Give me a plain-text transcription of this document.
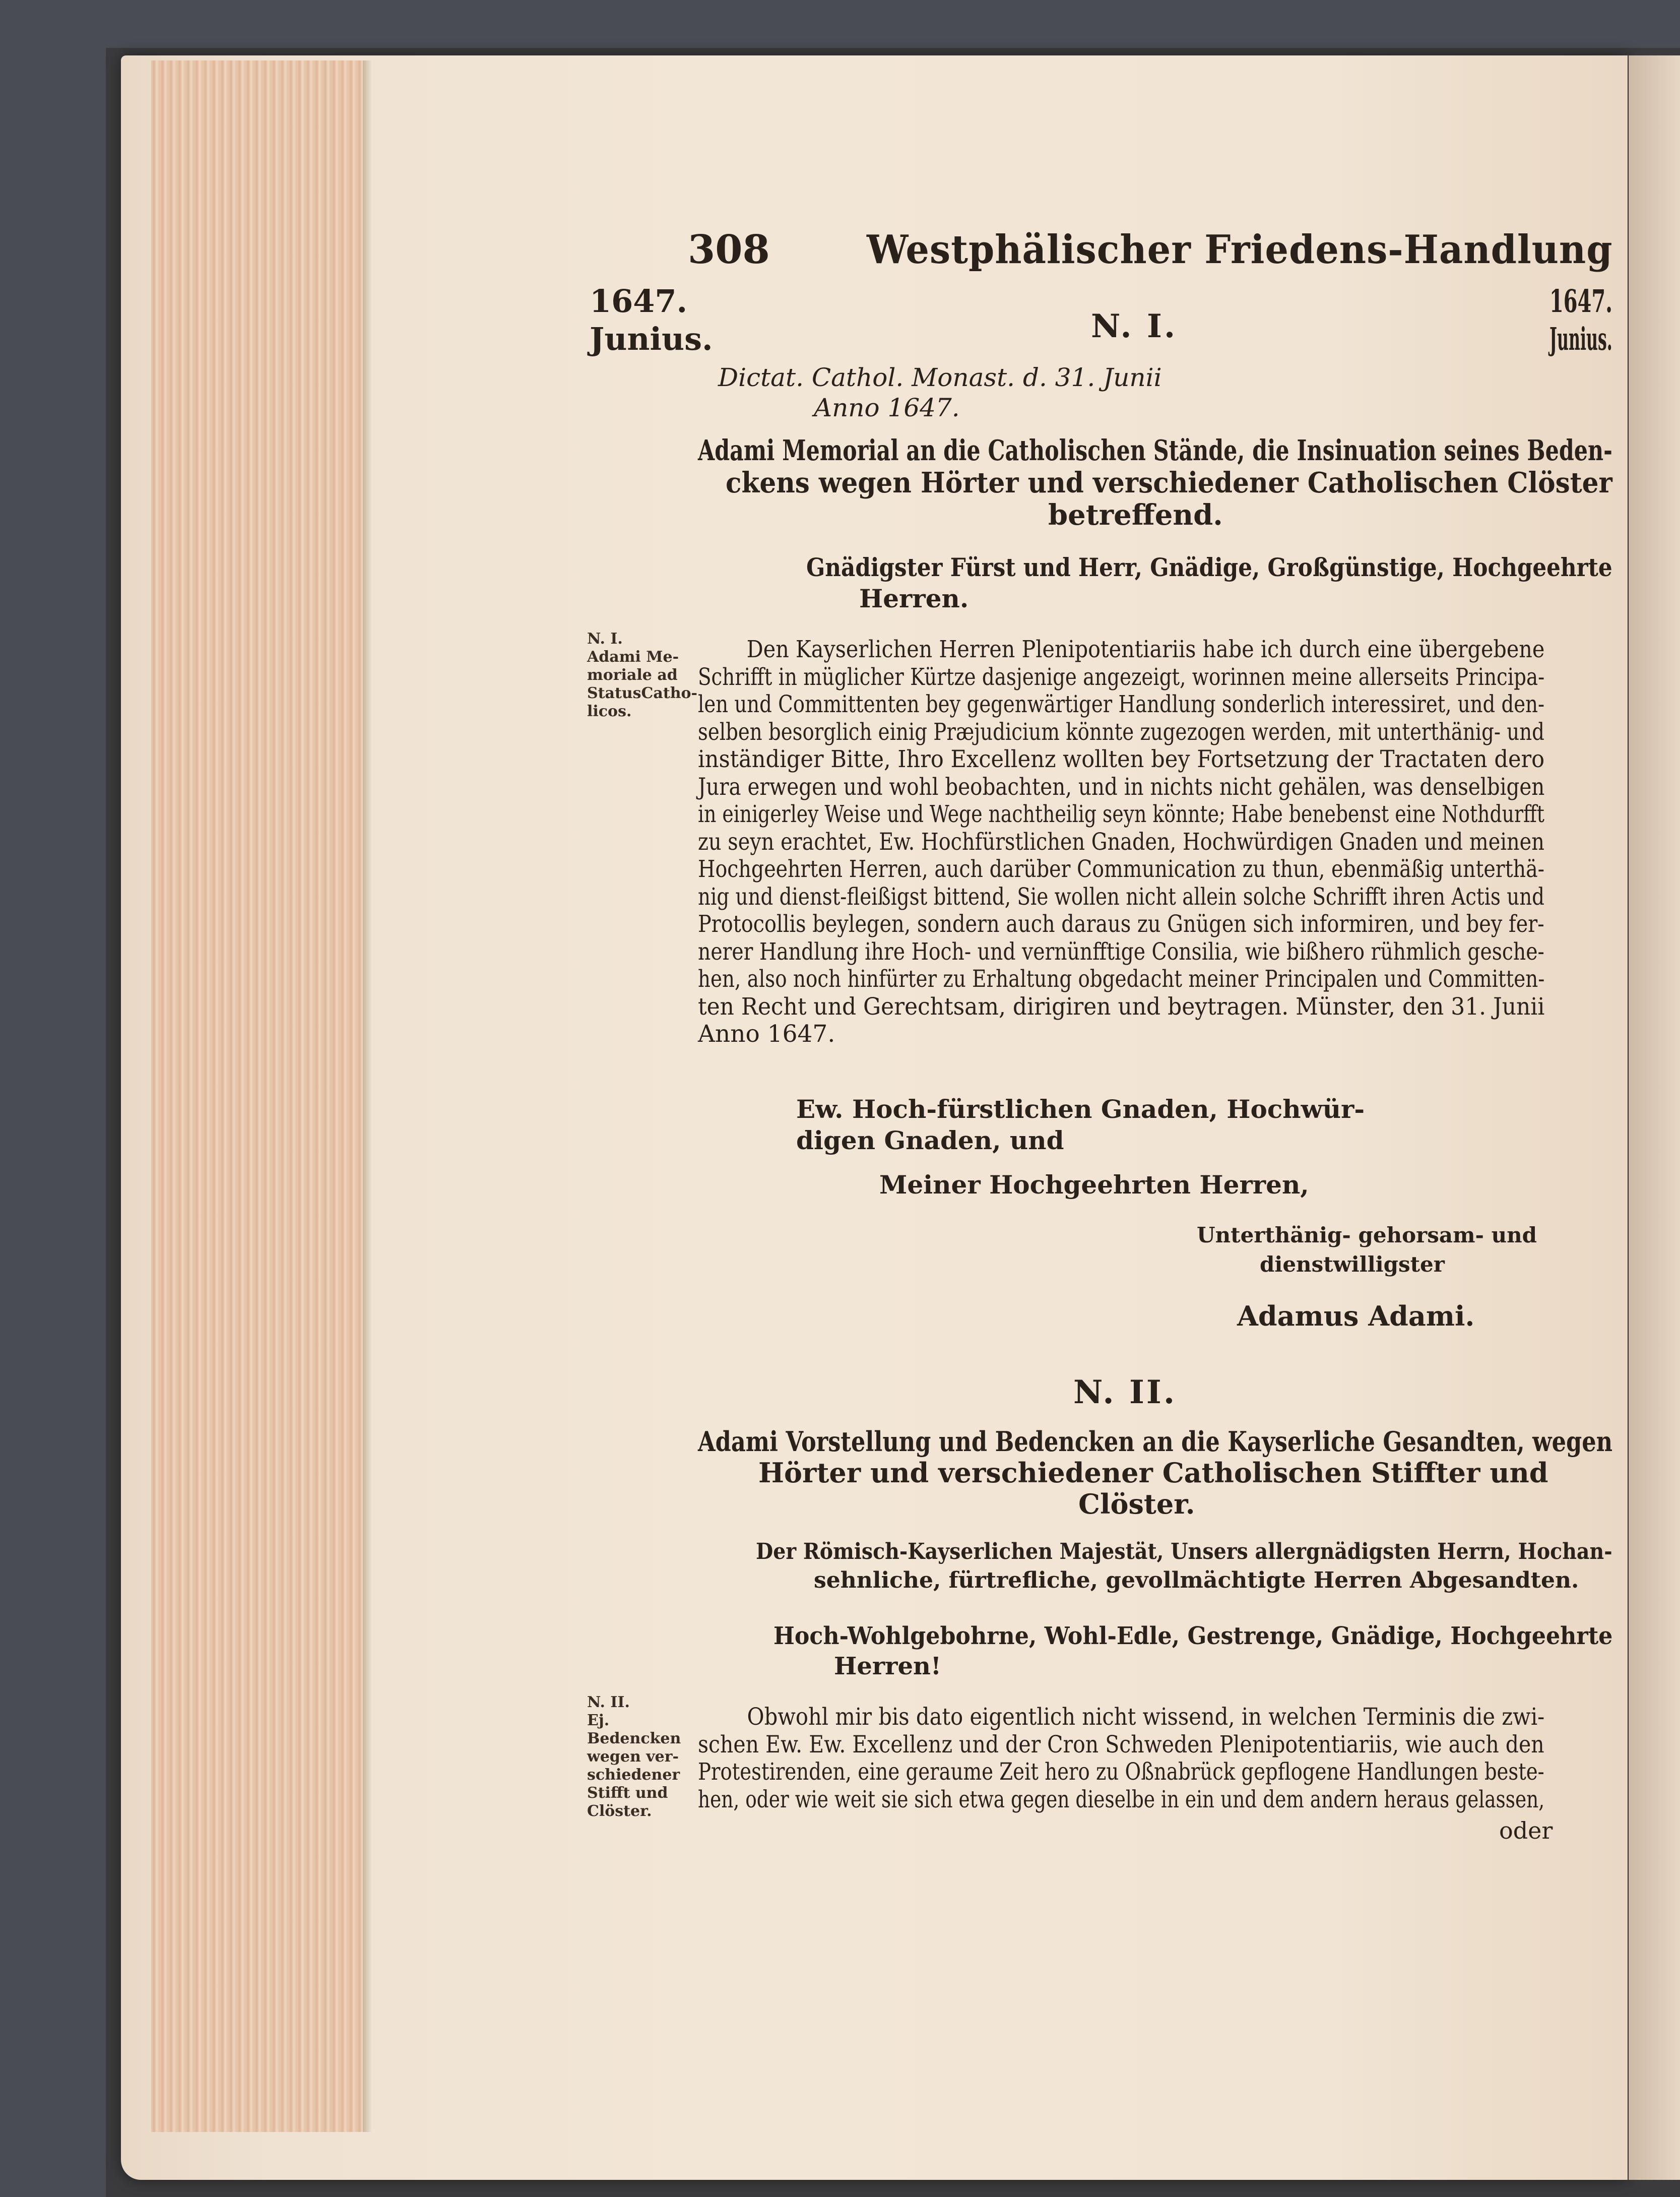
308 Westphälischer Friedens-Handlung
1647.
Junius.
1647.
Junius.
N. I.
Dictat. Cathol. Monast. d. 31. Junii
Anno 1647.
Adami Memorial an die Catholischen Stände, die Insinuation seines Beden-
ckens wegen Hörter und verschiedener Catholischen Clöster
betreffend.
Gnädigster Fürst und Herr, Gnädige, Großgünstige, Hochgeehrte
Herren.
N. I.
Adami Me-
moriale ad
StatusCatho-
licos.
Den Kayserlichen Herren Plenipotentiariis habe ich durch eine übergebene
Schrifft in müglicher Kürtze dasjenige angezeigt, worinnen meine allerseits Principa-
len und Committenten bey gegenwärtiger Handlung sonderlich interessiret, und den-
selben besorglich einig Præjudicium könnte zugezogen werden, mit unterthänig- und
inständiger Bitte, Ihro Excellenz wollten bey Fortsetzung der Tractaten dero
Jura erwegen und wohl beobachten, und in nichts nicht gehälen, was denselbigen
in einigerley Weise und Wege nachtheilig seyn könnte; Habe benebenst eine Nothdurfft
zu seyn erachtet, Ew. Hochfürstlichen Gnaden, Hochwürdigen Gnaden und meinen
Hochgeehrten Herren, auch darüber Communication zu thun, ebenmäßig unterthä-
nig und dienst-fleißigst bittend, Sie wollen nicht allein solche Schrifft ihren Actis und
Protocollis beylegen, sondern auch daraus zu Gnügen sich informiren, und bey fer-
nerer Handlung ihre Hoch- und vernünfftige Consilia, wie bißhero rühmlich gesche-
hen, also noch hinfürter zu Erhaltung obgedacht meiner Principalen und Committen-
ten Recht und Gerechtsam, dirigiren und beytragen. Münster, den 31. Junii
Anno 1647.
Ew. Hoch-fürstlichen Gnaden, Hochwür-
digen Gnaden, und
Meiner Hochgeehrten Herren,
Unterthänig- gehorsam- und
dienstwilligster
Adamus Adami.
N. II.
Adami Vorstellung und Bedencken an die Kayserliche Gesandten, wegen
Hörter und verschiedener Catholischen Stiffter und
Clöster.
Der Römisch-Kayserlichen Majestät, Unsers allergnädigsten Herrn, Hochan-
sehnliche, fürtrefliche, gevollmächtigte Herren Abgesandten.
Hoch-Wohlgebohrne, Wohl-Edle, Gestrenge, Gnädige, Hochgeehrte
Herren!
N. II.
Ej. Bedencken
wegen ver-
schiedener
Stifft und
Clöster.
Obwohl mir bis dato eigentlich nicht wissend, in welchen Terminis die zwi-
schen Ew. Ew. Excellenz und der Cron Schweden Plenipotentiariis, wie auch den
Protestirenden, eine geraume Zeit hero zu Oßnabrück gepflogene Handlungen beste-
hen, oder wie weit sie sich etwa gegen dieselbe in ein und dem andern heraus gelassen,
oder
